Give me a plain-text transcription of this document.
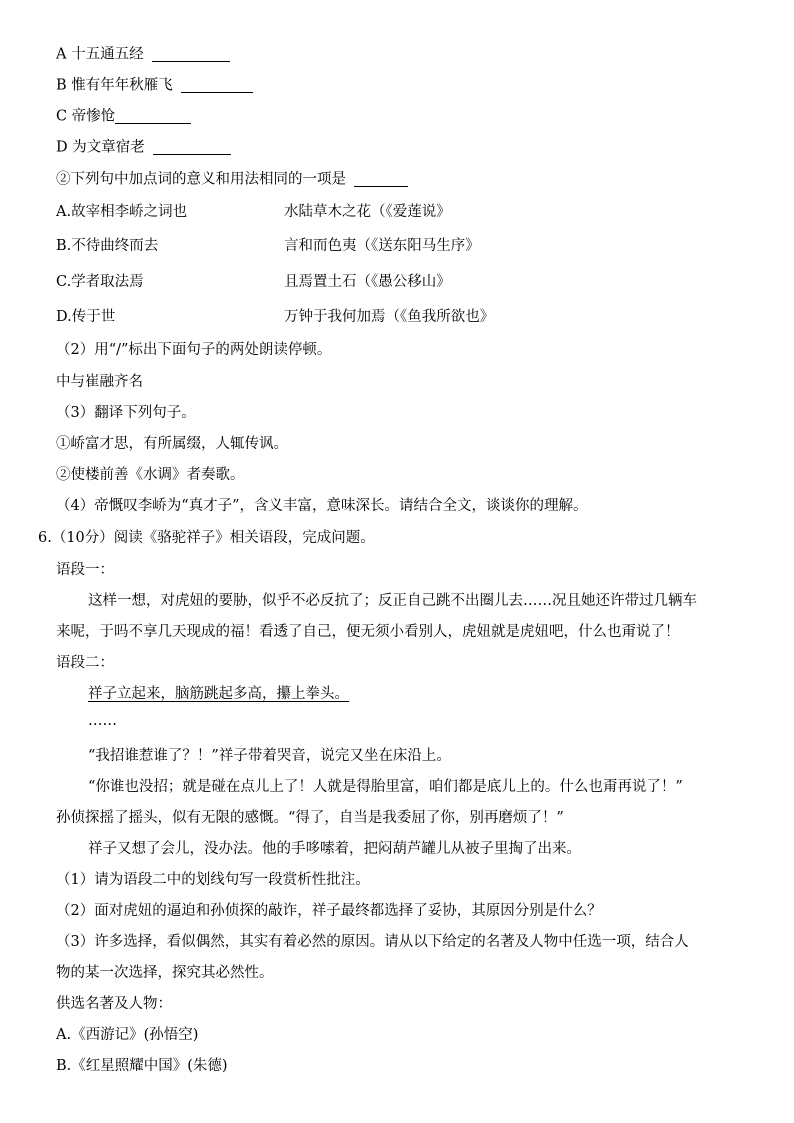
A 十五通五经
B 惟有年年秋雁飞
C 帝惨怆
D 为文章宿老
②下列句中加点词的意义和用法相同的一项是
A.故宰相李峤之词也	水陆草木之花（《爱莲说》
B.不待曲终而去	言和而色夷（《送东阳马生序》
C.学者取法焉	且焉置土石（《愚公移山》
D.传于世	万钟于我何加焉（《鱼我所欲也》
（2）用“/”标出下面句子的两处朗读停顿。
中与崔融齐名
（3）翻译下列句子。
①峤富才思，有所属缀，人辄传讽。
②使楼前善《水调》者奏歌。
（4）帝慨叹李峤为“真才子”，含义丰富，意味深长。请结合全文，谈谈你的理解。
6.（10分）阅读《骆驼祥子》相关语段，完成问题。
语段一：
这样一想，对虎妞的要胁，似乎不必反抗了；反正自己跳不出圈儿去……况且她还许带过几辆车
来呢，于吗不享几天现成的福！看透了自己，便无须小看别人，虎妞就是虎妞吧，什么也甭说了！
语段二：
祥子立起来，脑筋跳起多高，攥上拳头。
……
“我招谁惹谁了？！”祥子带着哭音，说完又坐在床沿上。
“你谁也没招；就是碰在点儿上了！人就是得胎里富，咱们都是底儿上的。什么也甭再说了！”
孙侦探摇了摇头，似有无限的感慨。“得了，自当是我委屈了你，别再磨烦了！”
祥子又想了会儿，没办法。他的手哆嗦着，把闷葫芦罐儿从被子里掏了出来。
（1）请为语段二中的划线句写一段赏析性批注。
（2）面对虎妞的逼迫和孙侦探的敲诈，祥子最终都选择了妥协，其原因分别是什么？
（3）许多选择，看似偶然，其实有着必然的原因。请从以下给定的名著及人物中任选一项，结合人
物的某一次选择，探究其必然性。
供选名著及人物：
A.《西游记》(孙悟空)
B.《红星照耀中国》(朱德)
